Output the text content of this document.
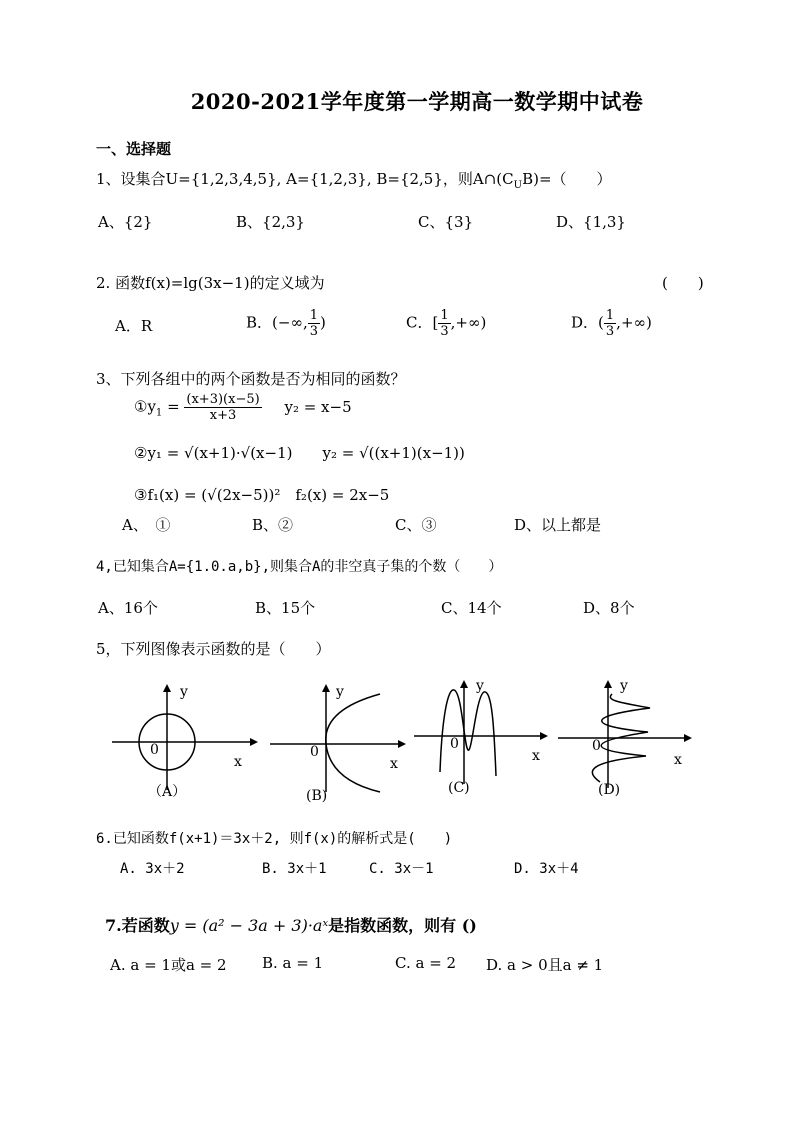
2020-2021学年度第一学期高一数学期中试卷
一、选择题
1、设集合U={1,2,3,4,5}, A={1,2,3}, B={2,5}，则$A\cap(C_UB)=$（　　）
A、{2}	B、{2,3}	C、{3}	D、{1,3}
2. 函数f(x)=lg(3x−1)的定义域为	(　　)
A．R	B．(−∞, $\frac{1}{3}$ )	C．[ $\frac{1}{3}$ ,+∞)	D．( $\frac{1}{3}$ ,+∞)
3、下列各组中的两个函数是否为相同的函数？
$①y_1 = \frac{(x+3)(x-5)}{x+3} y_2 = x-5$
②y₁ = √(x+1)·√(x−1)　　y₂ = √((x+1)(x−1))
③f₁(x) = (√(2x−5))²　f₂(x) = 2x−5
A、　①	B、②	C、③	D、以上都是
4,已知集合A={1.0.a,b},则集合A的非空真子集的个数（　　）
A、16个	B、15个	C、14个	D、8个
5，下列图像表示函数的是（　　）
y
x
0
（A）
y
x
0
(B)
y
x
0
(C)
y
x
0
(D)
6.已知函数f(x+1)＝3x＋2, 则f(x)的解析式是(　　)
A. 3x＋2	B. 3x＋1	C. 3x－1	D. 3x＋4
7.若函数y = (a² − 3a + 3)·aˣ是指数函数，则有 ()
A. a = 1或a = 2 B. a = 1	C. a = 2 D. a > 0且a ≠ 1
